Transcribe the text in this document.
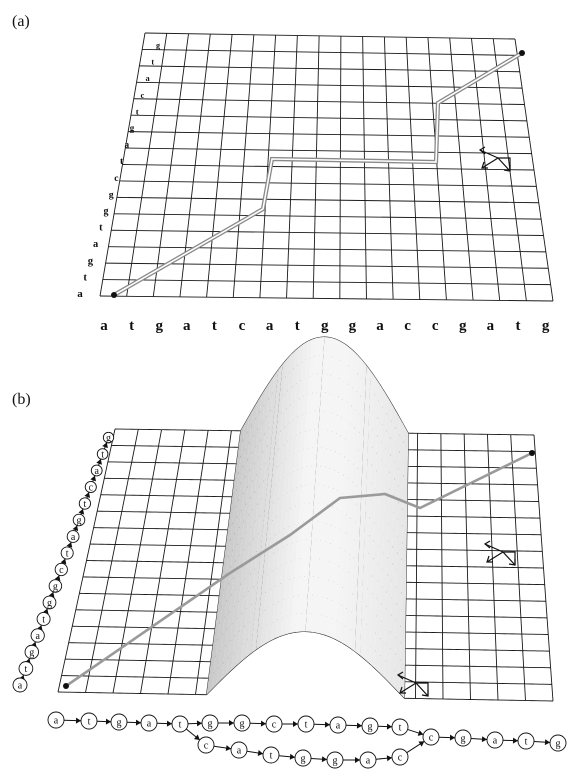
(a)
(b)
a t g a t c a t g g a c c g a t g
a
t
g
a
t
g
g
c
t
a
g
t
c
a
t
g
a
t
g
a
t
g
g
c
t
a
g
t
c
a
t
g
a	t	g	a	t	g	g	c	t	a	g	t
c	g	a	t	g
c	a	t	g	g	a	c
